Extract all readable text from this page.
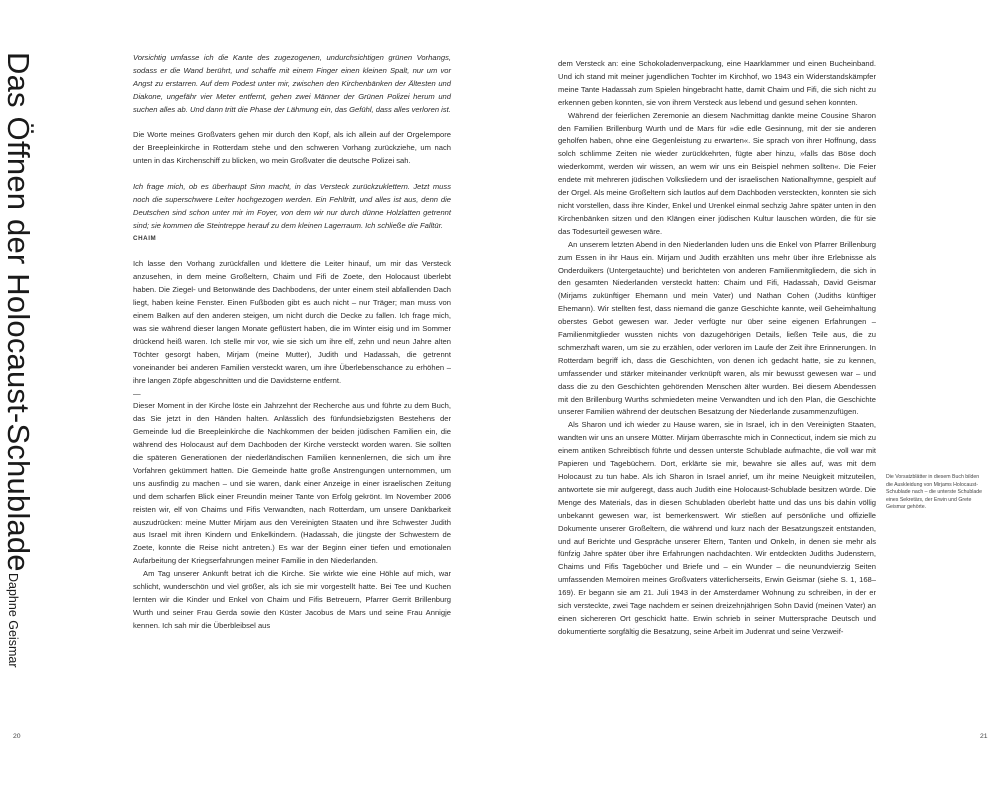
Das Öffnen der Holocaust-Schublade
Daphne Geismar

Vorsichtig umfasse ich die Kante des zugezogenen, undurchsichtigen grünen Vorhangs, sodass er die Wand berührt, und schaffe mit einem Finger einen kleinen Spalt, nur um vor Angst zu erstarren. Auf dem Podest unter mir, zwischen den Kirchenbänken der Ältesten und Diakone, ungefähr vier Meter entfernt, gehen zwei Männer der Grünen Polizei herum und suchen alles ab. Und dann tritt die Phase der Lähmung ein, das Gefühl, dass alles verloren ist.

Die Worte meines Großvaters gehen mir durch den Kopf, als ich allein auf der Orgelempore der Breepleinkirche in Rotterdam stehe und den schweren Vorhang zurückziehe, um nach unten in das Kirchenschiff zu blicken, wo mein Großvater die deutsche Polizei sah.

Ich frage mich, ob es überhaupt Sinn macht, in das Versteck zurückzuklettern. Jetzt muss noch die superschwere Leiter hochgezogen werden. Ein Fehltritt, und alles ist aus, denn die Deutschen sind schon unter mir im Foyer, von dem wir nur durch dünne Holzlatten getrennt sind; sie kommen die Steintreppe herauf zu dem kleinen Lagerraum. Ich schließe die Falltür.

CHAIM

Ich lasse den Vorhang zurückfallen und klettere die Leiter hinauf, um mir das Versteck anzusehen, in dem meine Großeltern, Chaim und Fifi de Zoete, den Holocaust überlebt haben. Die Ziegel- und Betonwände des Dachbodens, der unter einem steil abfallenden Dach liegt, haben keine Fenster. Einen Fußboden gibt es auch nicht – nur Träger; man muss von einem Balken auf den anderen steigen, um nicht durch die Decke zu fallen. Ich frage mich, was sie während dieser langen Monate geflüstert haben, die im Winter eisig und im Sommer drückend heiß waren. Ich stelle mir vor, wie sie sich um ihre elf, zehn und neun Jahre alten Töchter gesorgt haben, Mirjam (meine Mutter), Judith und Hadassah, die getrennt voneinander bei anderen Familien versteckt waren, um ihre Überlebenschance zu erhöhen – ihre langen Zöpfe abgeschnitten und die Davidsterne entfernt.

—

Dieser Moment in der Kirche löste ein Jahrzehnt der Recherche aus und führte zu dem Buch, das Sie jetzt in den Händen halten. Anlässlich des fünfundsiebzigsten Bestehens der Gemeinde lud die Breepleinkirche die Nachkommen der beiden jüdischen Familien ein, die während des Holocaust auf dem Dachboden der Kirche versteckt worden waren. Sie sollten die späteren Generationen der niederländischen Familien kennenlernen, die sich um ihre Vorfahren gekümmert hatten. Die Gemeinde hatte große Anstrengungen unternommen, um uns ausfindig zu machen – und sie waren, dank einer Anzeige in einer israelischen Zeitung und dem scharfen Blick einer Freundin meiner Tante von Erfolg gekrönt. Im November 2006 reisten wir, elf von Chaims und Fifis Verwandten, nach Rotterdam, um unsere Dankbarkeit auszudrücken: meine Mutter Mirjam aus den Vereinigten Staaten und ihre Schwester Judith aus Israel mit ihren Kindern und Enkelkindern. (Hadassah, die jüngste der Schwestern de Zoete, konnte die Reise nicht antreten.) Es war der Beginn einer tiefen und emotionalen Aufarbeitung der Kriegserfahrungen meiner Familie in den Niederlanden.

Am Tag unserer Ankunft betrat ich die Kirche. Sie wirkte wie eine Höhle auf mich, war schlicht, wunderschön und viel größer, als ich sie mir vorgestellt hatte. Bei Tee und Kuchen lernten wir die Kinder und Enkel von Chaim und Fifis Betreuern, Pfarrer Gerrit Brillenburg Wurth und seiner Frau Gerda sowie den Küster Jacobus de Mars und seine Frau Annigje kennen. Ich sah mir die Überbleibsel aus

dem Versteck an: eine Schokoladenverpackung, eine Haarklammer und einen Bucheinband. Und ich stand mit meiner jugendlichen Tochter im Kirchhof, wo 1943 ein Widerstandskämpfer meine Tante Hadassah zum Spielen hingebracht hatte, damit Chaim und Fifi, die sich nicht zu erkennen geben konnten, sie von ihrem Versteck aus lebend und gesund sehen konnten.

Während der feierlichen Zeremonie an diesem Nachmittag dankte meine Cousine Sharon den Familien Brillenburg Wurth und de Mars für »die edle Gesinnung, mit der sie anderen geholfen haben, ohne eine Gegenleistung zu erwarten«. Sie sprach von ihrer Hoffnung, dass solch schlimme Zeiten nie wieder zurückkehrten, fügte aber hinzu, »falls das Böse doch wiederkommt, werden wir wissen, an wem wir uns ein Beispiel nehmen sollten«. Die Feier endete mit mehreren jüdischen Volksliedern und der israelischen Nationalhymne, gespielt auf der Orgel. Als meine Großeltern sich lautlos auf dem Dachboden versteckten, konnten sie sich nicht vorstellen, dass ihre Kinder, Enkel und Urenkel einmal sechzig Jahre später unten in den Kirchenbänken sitzen und den Klängen einer jüdischen Kultur lauschen würden, die für sie das Todesurteil gewesen wäre.

An unserem letzten Abend in den Niederlanden luden uns die Enkel von Pfarrer Brillenburg zum Essen in ihr Haus ein. Mirjam und Judith erzählten uns mehr über ihre Erlebnisse als Onderduikers (Untergetauchte) und berichteten von anderen Familienmitgliedern, die sich in den gesamten Niederlanden versteckt hatten: Chaim und Fifi, Hadassah, David Geismar (Mirjams zukünftiger Ehemann und mein Vater) und Nathan Cohen (Judiths künftiger Ehemann). Wir stellten fest, dass niemand die ganze Geschichte kannte, weil Geheimhaltung oberstes Gebot gewesen war. Jeder verfügte nur über seine eigenen Erfahrungen – Familienmitglieder wussten nichts von dazugehörigen Details, ließen Teile aus, die zu schmerzhaft waren, um sie zu erzählen, oder verloren im Laufe der Zeit ihre Erinnerungen. In Rotterdam begriff ich, dass die Geschichten, von denen ich gedacht hatte, sie zu kennen, umfassender und stärker miteinander verknüpft waren, als mir bewusst gewesen war – und dass die zu den Geschichten gehörenden Menschen älter wurden. Bei diesem Abendessen mit den Brillenburg Wurths schmiedeten meine Verwandten und ich den Plan, die Geschichte unserer Familien während der deutschen Besatzung der Niederlande zusammenzufügen.

Als Sharon und ich wieder zu Hause waren, sie in Israel, ich in den Vereinigten Staaten, wandten wir uns an unsere Mütter. Mirjam überraschte mich in Connecticut, indem sie mich zu einem antiken Schreibtisch führte und dessen unterste Schublade aufmachte, die voll war mit Papieren und Tagebüchern. Dort, erklärte sie mir, bewahre sie alles auf, was mit dem Holocaust zu tun habe. Als ich Sharon in Israel anrief, um ihr meine Neuigkeit mitzuteilen, antwortete sie mir aufgeregt, dass auch Judith eine Holocaust-Schublade besitzen würde. Die Menge des Materials, das in diesen Schubladen überlebt hatte und das uns bis dahin völlig unbekannt gewesen war, ist bemerkenswert. Wir stießen auf persönliche und offizielle Dokumente unserer Großeltern, die während und kurz nach der Besatzungszeit entstanden, und auf Berichte und Gespräche unserer Eltern, Tanten und Onkeln, in denen sie mehr als fünfzig Jahre später über ihre Erfahrungen nachdachten. Wir entdeckten Judiths Judenstern, Chaims und Fifis Tagebücher und Briefe und – ein Wunder – die neunundvierzig Seiten umfassenden Memoiren meines Großvaters väterlicherseits, Erwin Geismar (siehe S. 1, 168–169). Er begann sie am 21. Juli 1943 in der Amsterdamer Wohnung zu schreiben, in der er sich versteckte, zwei Tage nachdem er seinen dreizehnjährigen Sohn David (meinen Vater) an einen sichereren Ort geschickt hatte. Erwin schrieb in seiner Muttersprache Deutsch und dokumentierte sorgfältig die Besatzung, seine Arbeit im Judenrat und seine Verzweif-

Die Vorsatzblätter in diesem Buch bilden die Auskleidung von Mirjams Holocaust-Schublade nach – die unterste Schublade eines Sekretärs, der Erwin und Grete Geismar gehörte.
20	21
